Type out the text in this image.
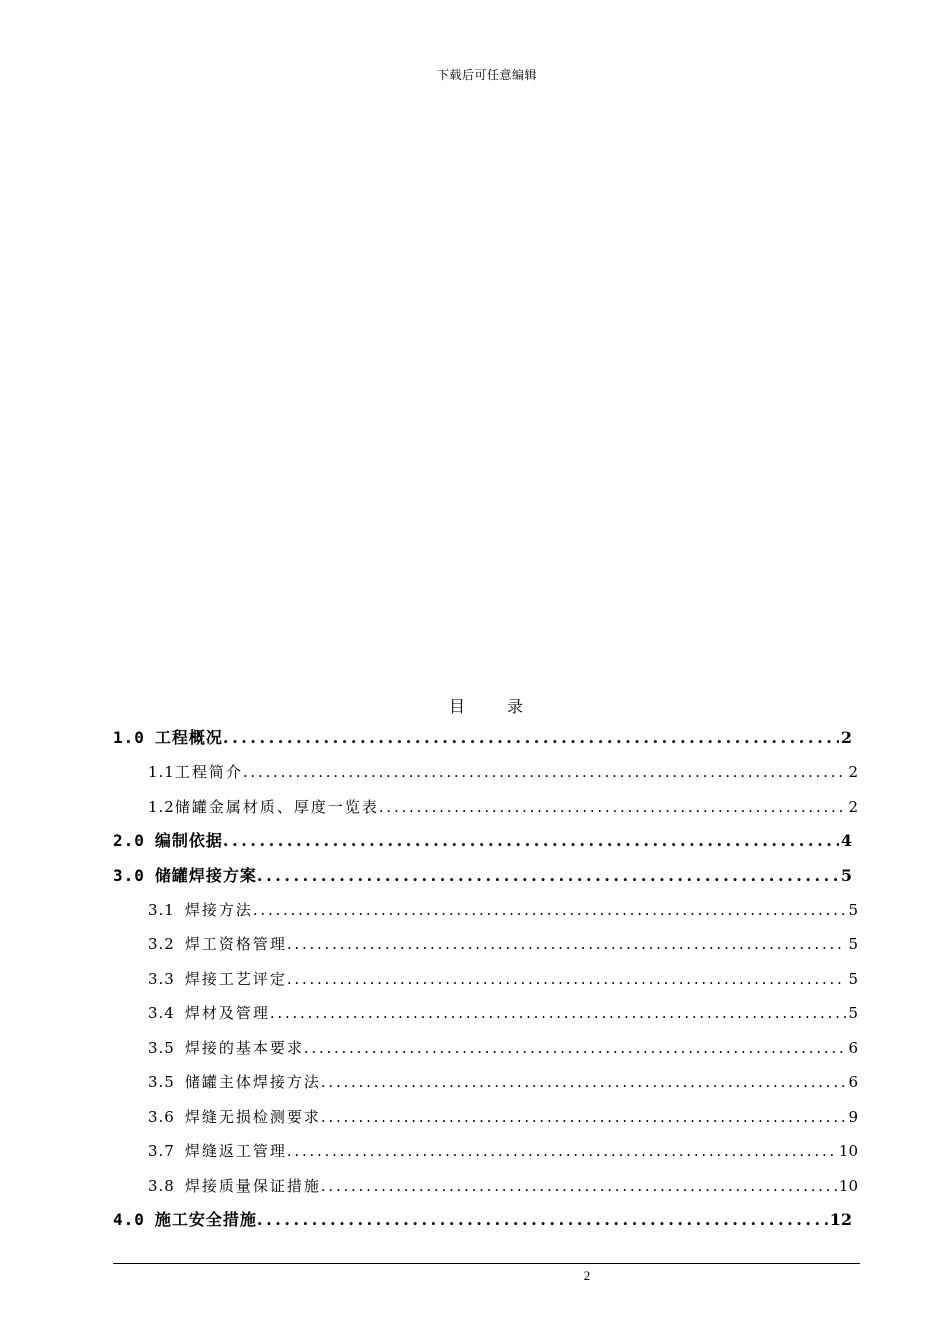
下载后可任意编辑
目	录
1.0 工程概况 . . .	2
1.1 工程简介 . . .	2
1.2 储罐金属材质、厚度一览表 . . .	2
2.0 编制依据 . . .	4
3.0 储罐焊接方案 . . .	5
3.1 焊接方法 . . .	5
3.2 焊工资格管理 . . .	5
3.3 焊接工艺评定 . . .	5
3.4 焊材及管理 . . .	5
3.5 焊接的基本要求 . . .	6
3.5 储罐主体焊接方法 . . .	6
3.6 焊缝无损检测要求 . . .	9
3.7 焊缝返工管理 . . .	10
3.8 焊接质量保证措施 . . .	10
4.0 施工安全措施 . . .	12
2
